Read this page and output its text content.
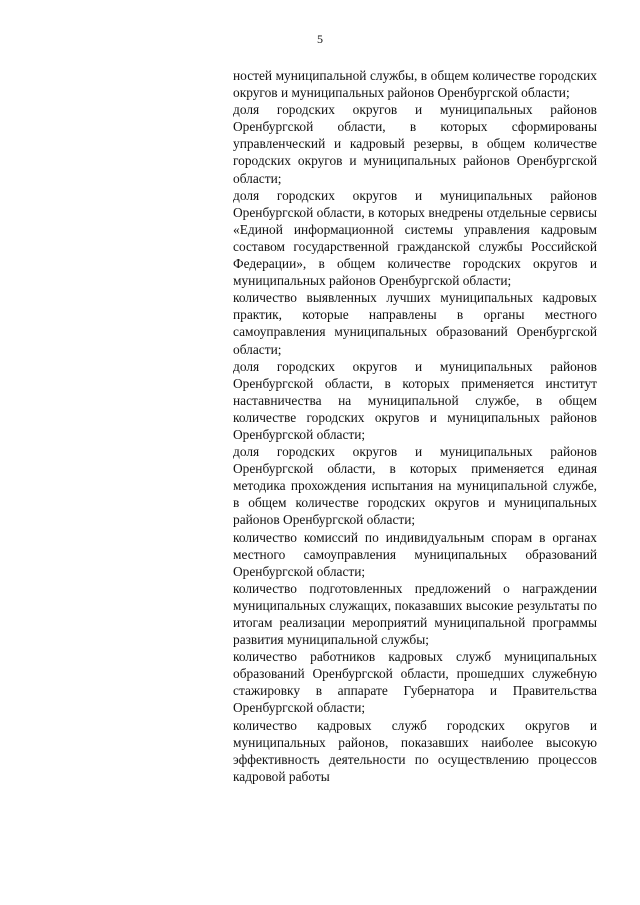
5

ностей муниципальной службы, в общем количестве городских округов и муниципальных районов Оренбургской области;

доля городских округов и муниципальных районов Оренбургской области, в которых сформированы управленческий и кадровый резервы, в общем количестве городских округов и муниципальных районов Оренбургской области;

доля городских округов и муниципальных районов Оренбургской области, в которых внедрены отдельные сервисы «Единой информационной системы управления кадровым составом государственной гражданской службы Российской Федерации», в общем количестве городских округов и муниципальных районов Оренбургской области;

количество выявленных лучших муниципальных кадровых практик, которые направлены в органы местного самоуправления муниципальных образований Оренбургской области;

доля городских округов и муниципальных районов Оренбургской области, в которых применяется институт наставничества на муниципальной службе, в общем количестве городских округов и муниципальных районов Оренбургской области;

доля городских округов и муниципальных районов Оренбургской области, в которых применяется единая методика прохождения испытания на муниципальной службе, в общем количестве городских округов и муниципальных районов Оренбургской области;

количество комиссий по индивидуальным спорам в органах местного самоуправления муниципальных образований Оренбургской области;

количество подготовленных предложений о награждении муниципальных служащих, показавших высокие результаты по итогам реализации мероприятий муниципальной программы развития муниципальной службы;

количество работников кадровых служб муниципальных образований Оренбургской области, прошедших служебную стажировку в аппарате Губернатора и Правительства Оренбургской области;

количество кадровых служб городских округов и муниципальных районов, показавших наиболее высокую эффективность деятельности по осуществлению процессов кадровой работы
